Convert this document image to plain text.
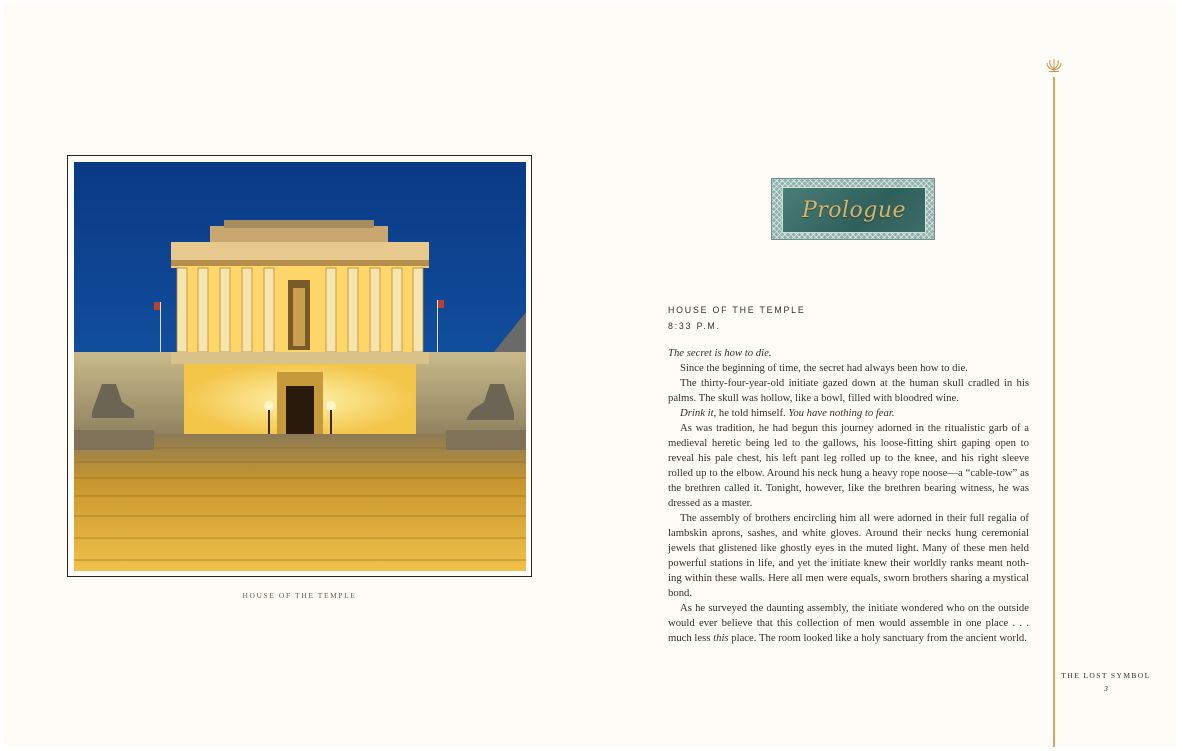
HOUSE OF THE TEMPLE
Prologue
HOUSE OF THE TEMPLE
8:33 P.M.

The secret is how to die.

Since the beginning of time, the secret had always been how to die.

The thirty-four-year-old initiate gazed down at the human skull cradled in his palms. The skull was hollow, like a bowl, filled with bloodred wine.

Drink it, he told himself. You have nothing to fear.

As was tradition, he had begun this journey adorned in the ritualistic garb of a medieval heretic being led to the gallows, his loose-fitting shirt gaping open to reveal his pale chest, his left pant leg rolled up to the knee, and his right sleeve rolled up to the elbow. Around his neck hung a heavy rope noose—a “cable-tow” as the brethren called it. Tonight, however, like the brethren bearing witness, he was dressed as a master.

The assembly of brothers encircling him all were adorned in their full regalia of lambskin aprons, sashes, and white gloves. Around their necks hung ceremonial jewels that glistened like ghostly eyes in the muted light. Many of these men held powerful stations in life, and yet the initiate knew their worldly ranks meant noth-ing within these walls. Here all men were equals, sworn brothers sharing a mystical bond.

As he surveyed the daunting assembly, the initiate wondered who on the outside would ever believe that this collection of men would assemble in one place . . . much less this place. The room looked like a holy sanctuary from the ancient world.

THE LOST SYMBOL
3
